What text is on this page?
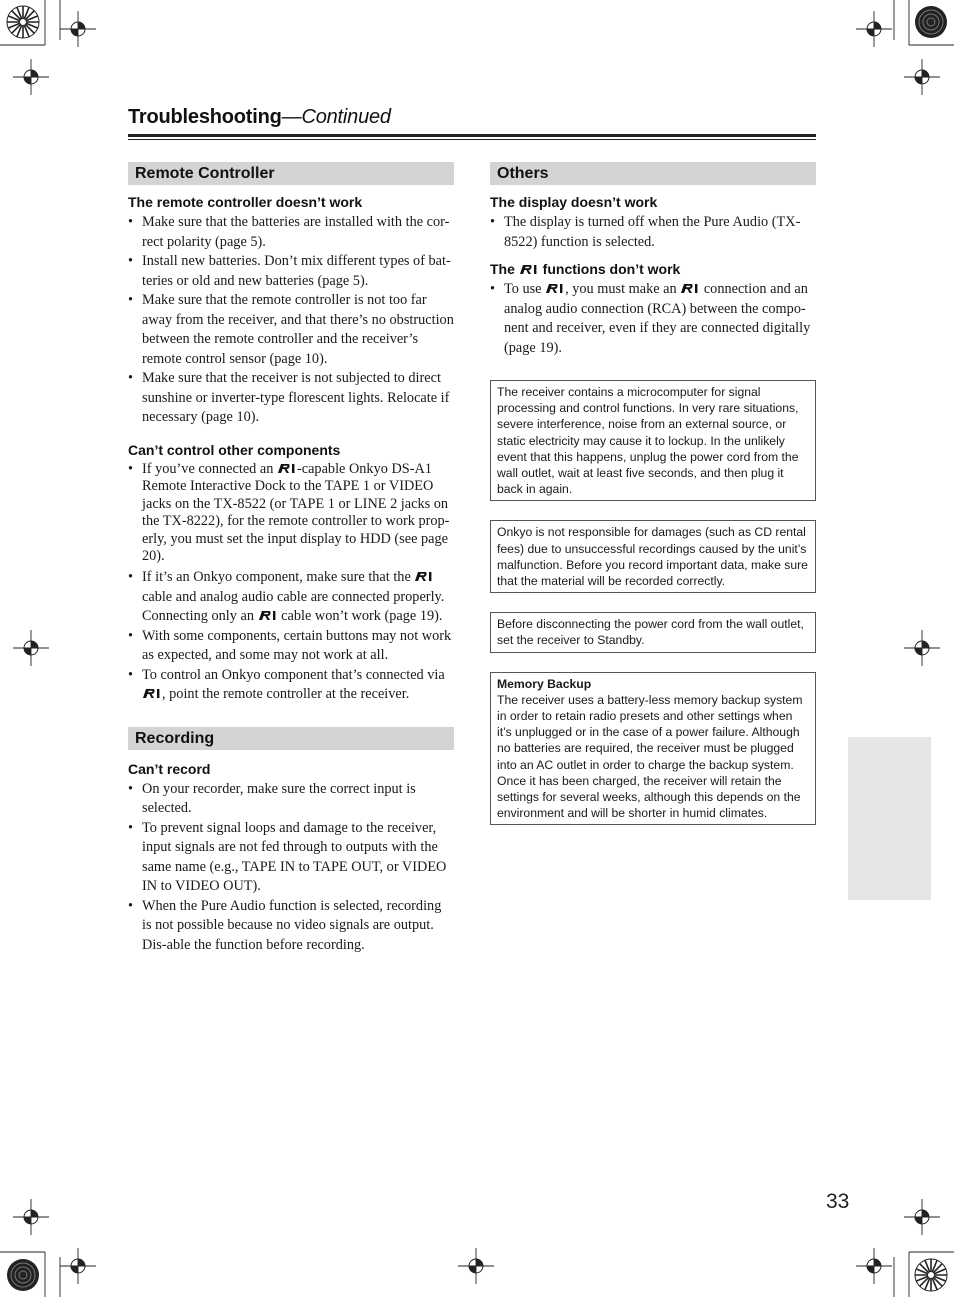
Troubleshooting—Continued
Remote Controller
The remote controller doesn’t work
• Make sure that the batteries are installed with the cor-rect polarity (page 5).
• Install new batteries. Don’t mix different types of bat-teries or old and new batteries (page 5).
• Make sure that the remote controller is not too far away from the receiver, and that there’s no obstruction between the remote controller and the receiver’s remote control sensor (page 10).
• Make sure that the receiver is not subjected to direct sunshine or inverter-type florescent lights. Relocate if necessary (page 10).
Can’t control other components
• If you’ve connected an -capable Onkyo DS-A1 Remote Interactive Dock to the TAPE 1 or VIDEO jacks on the TX-8522 (or TAPE 1 or LINE 2 jacks on the TX-8222), for the remote controller to work prop-erly, you must set the input display to HDD (see page 20).
• If it’s an Onkyo component, make sure that the  cable and analog audio cable are connected properly. Connecting only an cable won’t work (page 19).
• With some components, certain buttons may not work as expected, and some may not work at all.
• To control an Onkyo component that’s connected via , point the remote controller at the receiver.
Recording
Can’t record
• On your recorder, make sure the correct input is selected.
• To prevent signal loops and damage to the receiver, input signals are not fed through to outputs with the same name (e.g., TAPE IN to TAPE OUT, or VIDEO IN to VIDEO OUT).
• When the Pure Audio function is selected, recording is not possible because no video signals are output. Dis-able the function before recording.
Others
The display doesn’t work
• The display is turned off when the Pure Audio (TX-8522) function is selected.
The functions don’t work
• To use , you must make an connection and an analog audio connection (RCA) between the compo-nent and receiver, even if they are connected digitally (page 19).
The receiver contains a microcomputer for signal processing and control functions. In very rare situations, severe interference, noise from an external source, or static electricity may cause it to lockup. In the unlikely event that this happens, unplug the power cord from the wall outlet, wait at least five seconds, and then plug it back in again.
Onkyo is not responsible for damages (such as CD rental fees) due to unsuccessful recordings caused by the unit’s malfunction. Before you record important data, make sure that the material will be recorded correctly.
Before disconnecting the power cord from the wall outlet, set the receiver to Standby.
Memory Backup
The receiver uses a battery-less memory backup system in order to retain radio presets and other settings when it’s unplugged or in the case of a power failure. Although no batteries are required, the receiver must be plugged into an AC outlet in order to charge the backup system. Once it has been charged, the receiver will retain the settings for several weeks, although this depends on the environment and will be shorter in humid climates.
33
